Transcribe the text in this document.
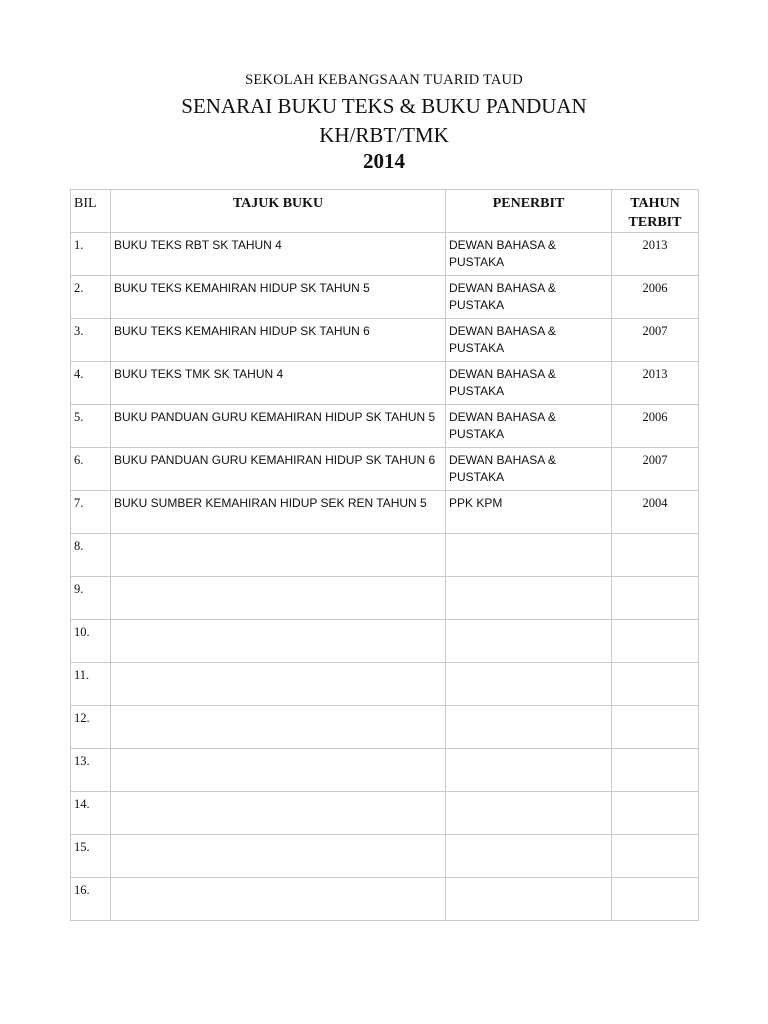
SEKOLAH KEBANGSAAN TUARID TAUD
SENARAI BUKU TEKS & BUKU PANDUAN
KH/RBT/TMK
2014
BIL	TAJUK BUKU	PENERBIT	TAHUN TERBIT
1.	BUKU TEKS RBT SK TAHUN 4	DEWAN BAHASA & PUSTAKA	2013
2.	BUKU TEKS KEMAHIRAN HIDUP SK TAHUN 5	DEWAN BAHASA & PUSTAKA	2006
3.	BUKU TEKS KEMAHIRAN HIDUP SK TAHUN 6	DEWAN BAHASA & PUSTAKA	2007
4.	BUKU TEKS TMK SK TAHUN 4	DEWAN BAHASA & PUSTAKA	2013
5.	BUKU PANDUAN GURU KEMAHIRAN HIDUP SK TAHUN 5	DEWAN BAHASA & PUSTAKA	2006
6.	BUKU PANDUAN GURU KEMAHIRAN HIDUP SK TAHUN 6	DEWAN BAHASA & PUSTAKA	2007
7.	BUKU SUMBER KEMAHIRAN HIDUP SEK REN TAHUN 5	PPK KPM	2004
8.			
9.			
10.			
11.			
12.			
13.			
14.			
15.			
16.			
